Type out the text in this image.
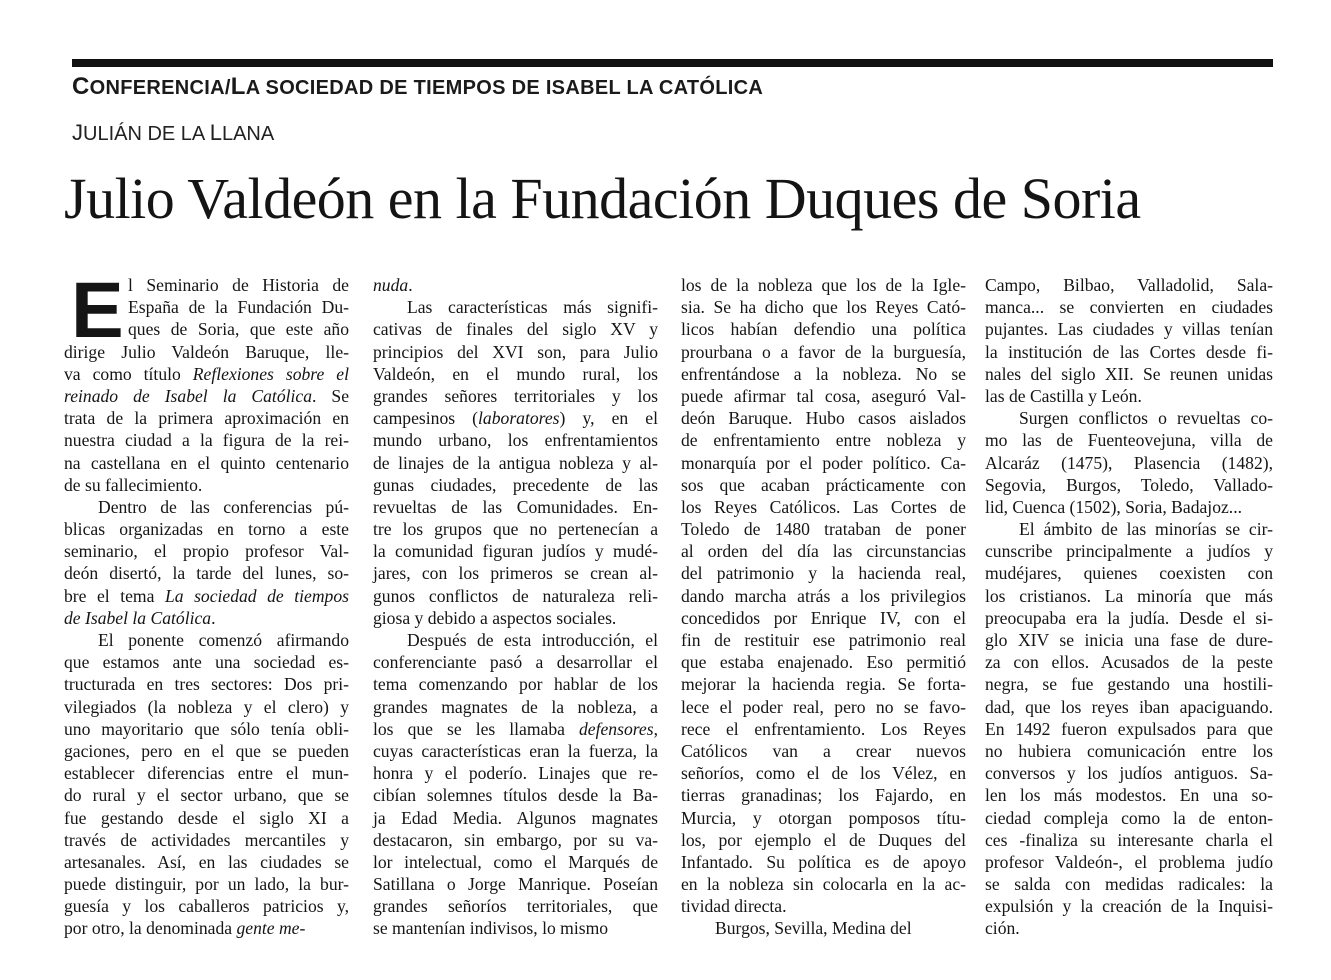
CONFERENCIA/LA SOCIEDAD DE TIEMPOS DE ISABEL LA CATÓLICA
JULIÁN DE LA LLANA
Julio Valdeón en la Fundación Duques de Soria
E l Seminario de Historia de
España de la Fundación Du-
ques de Soria, que este año
dirige Julio Valdeón Baruque, lle-
va como título Reflexiones sobre el
reinado de Isabel la Católica. Se
trata de la primera aproximación en
nuestra ciudad a la figura de la rei-
na castellana en el quinto centenario
de su fallecimiento.
Dentro de las conferencias pú-
blicas organizadas en torno a este
seminario, el propio profesor Val-
deón disertó, la tarde del lunes, so-
bre el tema La sociedad de tiempos
de Isabel la Católica.
El ponente comenzó afirmando
que estamos ante una sociedad es-
tructurada en tres sectores: Dos pri-
vilegiados (la nobleza y el clero) y
uno mayoritario que sólo tenía obli-
gaciones, pero en el que se pueden
establecer diferencias entre el mun-
do rural y el sector urbano, que se
fue gestando desde el siglo XI a
través de actividades mercantiles y
artesanales. Así, en las ciudades se
puede distinguir, por un lado, la bur-
guesía y los caballeros patricios y,
por otro, la denominada gente me-
nuda.
Las características más signifi-
cativas de finales del siglo XV y
principios del XVI son, para Julio
Valdeón, en el mundo rural, los
grandes señores territoriales y los
campesinos (laboratores) y, en el
mundo urbano, los enfrentamientos
de linajes de la antigua nobleza y al-
gunas ciudades, precedente de las
revueltas de las Comunidades. En-
tre los grupos que no pertenecían a
la comunidad figuran judíos y mudé-
jares, con los primeros se crean al-
gunos conflictos de naturaleza reli-
giosa y debido a aspectos sociales.
Después de esta introducción, el
conferenciante pasó a desarrollar el
tema comenzando por hablar de los
grandes magnates de la nobleza, a
los que se les llamaba defensores,
cuyas características eran la fuerza, la
honra y el poderío. Linajes que re-
cibían solemnes títulos desde la Ba-
ja Edad Media. Algunos magnates
destacaron, sin embargo, por su va-
lor intelectual, como el Marqués de
Satillana o Jorge Manrique. Poseían
grandes señoríos territoriales, que
se mantenían indivisos, lo mismo
los de la nobleza que los de la Igle-
sia. Se ha dicho que los Reyes Cató-
licos habían defendio una política
prourbana o a favor de la burguesía,
enfrentándose a la nobleza. No se
puede afirmar tal cosa, aseguró Val-
deón Baruque. Hubo casos aislados
de enfrentamiento entre nobleza y
monarquía por el poder político. Ca-
sos que acaban prácticamente con
los Reyes Católicos. Las Cortes de
Toledo de 1480 trataban de poner
al orden del día las circunstancias
del patrimonio y la hacienda real,
dando marcha atrás a los privilegios
concedidos por Enrique IV, con el
fin de restituir ese patrimonio real
que estaba enajenado. Eso permitió
mejorar la hacienda regia. Se forta-
lece el poder real, pero no se favo-
rece el enfrentamiento. Los Reyes
Católicos van a crear nuevos
señoríos, como el de los Vélez, en
tierras granadinas; los Fajardo, en
Murcia, y otorgan pomposos títu-
los, por ejemplo el de Duques del
Infantado. Su política es de apoyo
en la nobleza sin colocarla en la ac-
tividad directa.
Burgos, Sevilla, Medina del
Campo, Bilbao, Valladolid, Sala-
manca... se convierten en ciudades
pujantes. Las ciudades y villas tenían
la institución de las Cortes desde fi-
nales del siglo XII. Se reunen unidas
las de Castilla y León.
Surgen conflictos o revueltas co-
mo las de Fuenteovejuna, villa de
Alcaráz (1475), Plasencia (1482),
Segovia, Burgos, Toledo, Vallado-
lid, Cuenca (1502), Soria, Badajoz...
El ámbito de las minorías se cir-
cunscribe principalmente a judíos y
mudéjares, quienes coexisten con
los cristianos. La minoría que más
preocupaba era la judía. Desde el si-
glo XIV se inicia una fase de dure-
za con ellos. Acusados de la peste
negra, se fue gestando una hostili-
dad, que los reyes iban apaciguando.
En 1492 fueron expulsados para que
no hubiera comunicación entre los
conversos y los judíos antiguos. Sa-
len los más modestos. En una so-
ciedad compleja como la de enton-
ces -finaliza su interesante charla el
profesor Valdeón-, el problema judío
se salda con medidas radicales: la
expulsión y la creación de la Inquisi-
ción.
